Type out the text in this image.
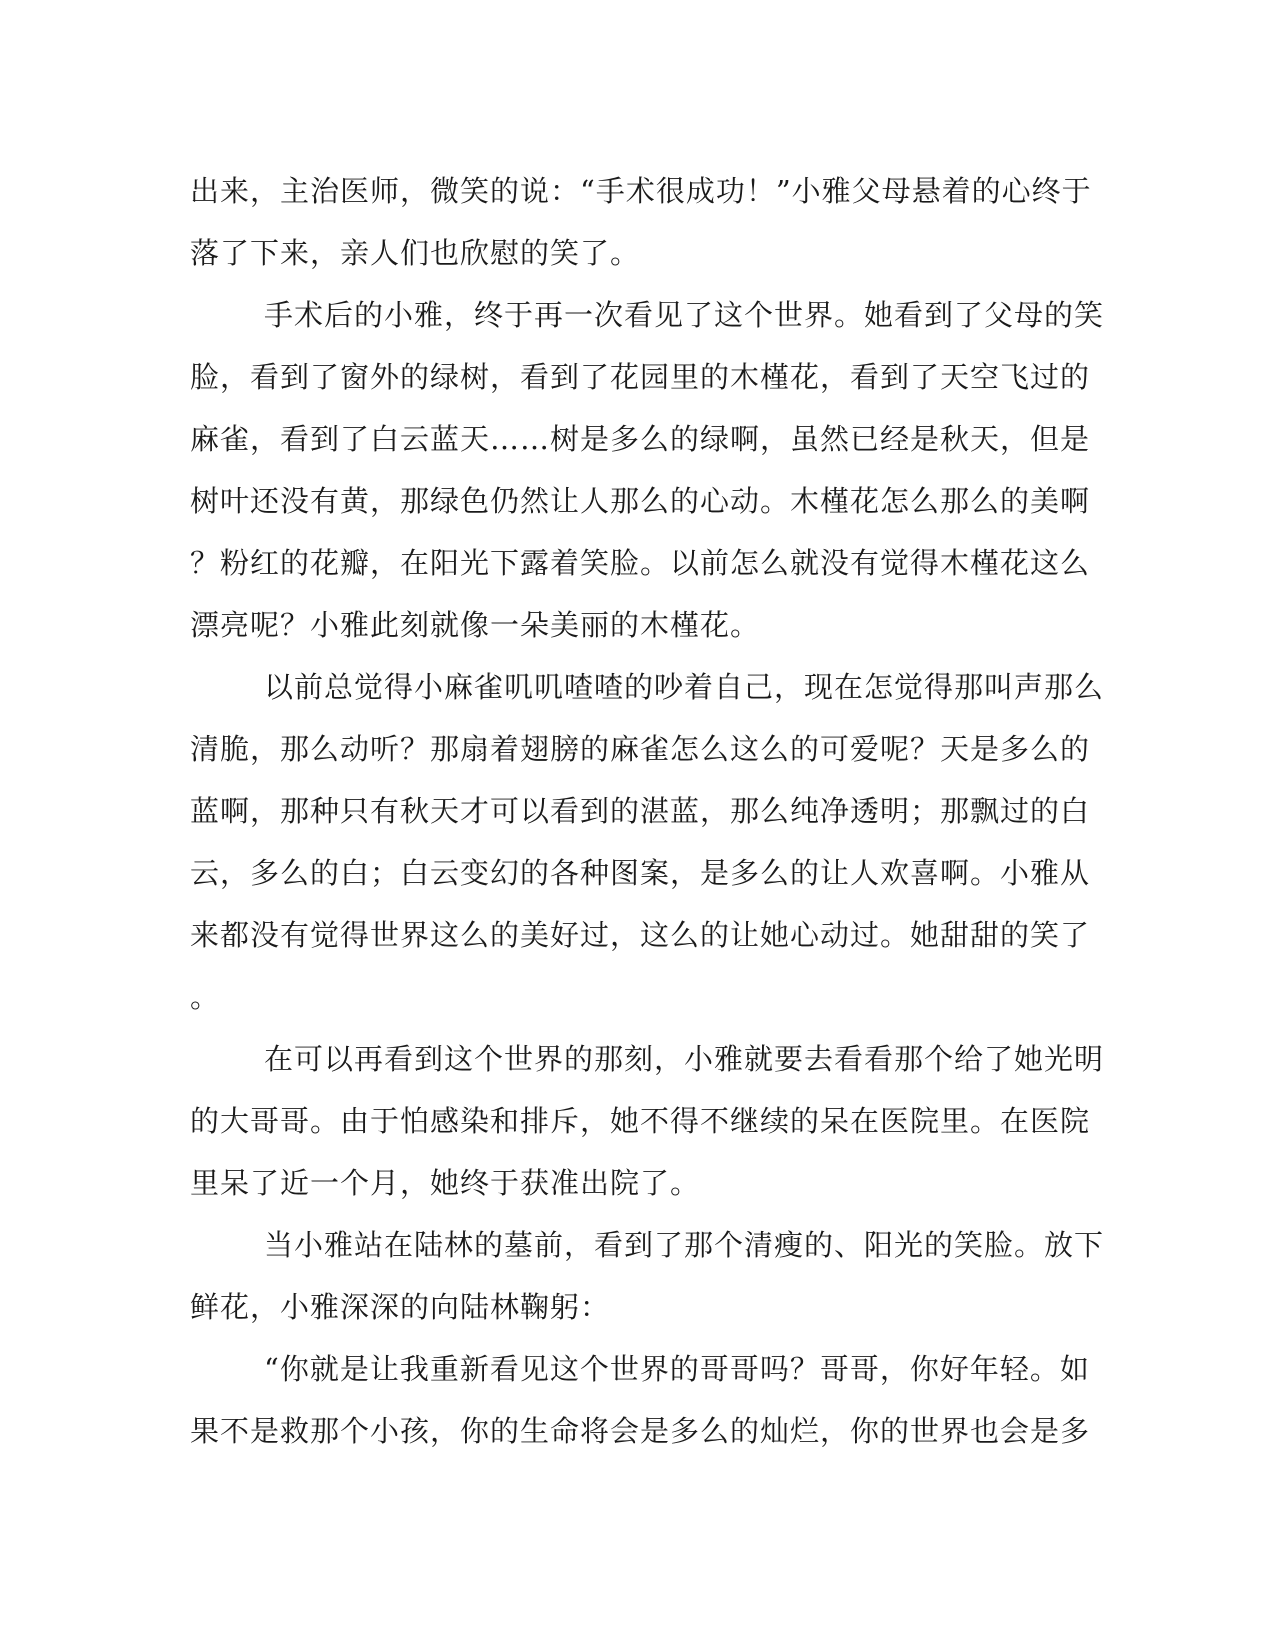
出来，主治医师，微笑的说：“手术很成功！”小雅父母悬着的心终于
落了下来，亲人们也欣慰的笑了。
手术后的小雅，终于再一次看见了这个世界。她看到了父母的笑
脸，看到了窗外的绿树，看到了花园里的木槿花，看到了天空飞过的
麻雀，看到了白云蓝天……树是多么的绿啊，虽然已经是秋天，但是
树叶还没有黄，那绿色仍然让人那么的心动。木槿花怎么那么的美啊
？粉红的花瓣，在阳光下露着笑脸。以前怎么就没有觉得木槿花这么
漂亮呢？小雅此刻就像一朵美丽的木槿花。
以前总觉得小麻雀叽叽喳喳的吵着自己，现在怎觉得那叫声那么
清脆，那么动听？那扇着翅膀的麻雀怎么这么的可爱呢？天是多么的
蓝啊，那种只有秋天才可以看到的湛蓝，那么纯净透明；那飘过的白
云，多么的白；白云变幻的各种图案，是多么的让人欢喜啊。小雅从
来都没有觉得世界这么的美好过，这么的让她心动过。她甜甜的笑了
。
在可以再看到这个世界的那刻，小雅就要去看看那个给了她光明
的大哥哥。由于怕感染和排斥，她不得不继续的呆在医院里。在医院
里呆了近一个月，她终于获准出院了。
当小雅站在陆林的墓前，看到了那个清瘦的、阳光的笑脸。放下
鲜花，小雅深深的向陆林鞠躬：
“你就是让我重新看见这个世界的哥哥吗？哥哥，你好年轻。如
果不是救那个小孩，你的生命将会是多么的灿烂，你的世界也会是多
